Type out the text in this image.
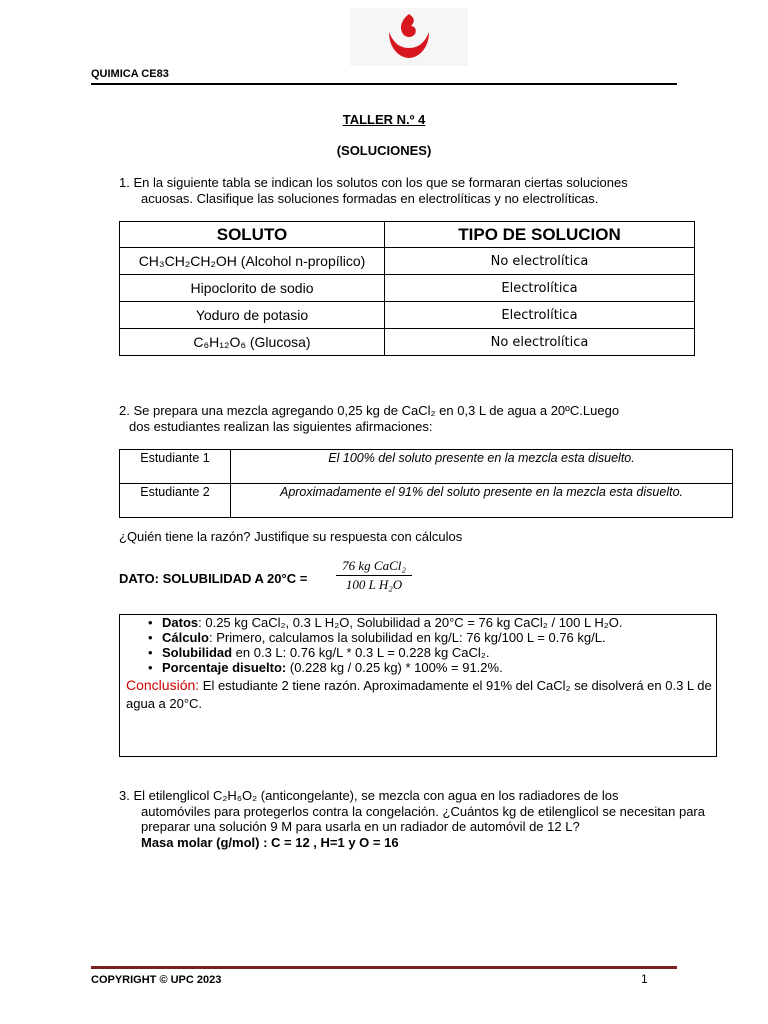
QUIMICA CE83
TALLER N.º 4
(SOLUCIONES)
1. En la siguiente tabla se indican los solutos con los que se formaran ciertas soluciones
acuosas. Clasifique las soluciones formadas en electrolíticas y no electrolíticas.
SOLUTO	TIPO DE SOLUCION
CH₃CH₂CH₂OH (Alcohol n-propílico)	No electrolítica
Hipoclorito de sodio	Electrolítica
Yoduro de potasio	Electrolítica
C₆H₁₂O₆ (Glucosa)	No electrolítica
2. Se prepara una mezcla agregando 0,25 kg de CaCl₂ en 0,3 L de agua a 20ºC.Luego
dos estudiantes realizan las siguientes afirmaciones:
Estudiante 1	El 100% del soluto presente en la mezcla esta disuelto.
Estudiante 2	Aproximadamente el 91% del soluto presente en la mezcla esta disuelto.
¿Quién tiene la razón? Justifique su respuesta con cálculos
DATO: SOLUBILIDAD A 20°C =
76 kg CaCl₂
100 L H₂O
• Datos: 0.25 kg CaCl₂, 0.3 L H₂O, Solubilidad a 20°C = 76 kg CaCl₂ / 100 L H₂O.
• Cálculo: Primero, calculamos la solubilidad en kg/L: 76 kg/100 L = 0.76 kg/L.
• Solubilidad en 0.3 L: 0.76 kg/L * 0.3 L = 0.228 kg CaCl₂.
• Porcentaje disuelto: (0.228 kg / 0.25 kg) * 100% = 91.2%.
Conclusión: El estudiante 2 tiene razón. Aproximadamente el 91% del CaCl₂ se disolverá en 0.3 L de agua a 20°C.
3. El etilenglicol C₂H₆O₂ (anticongelante), se mezcla con agua en los radiadores de los
automóviles para protegerlos contra la congelación. ¿Cuántos kg de etilenglicol se necesitan para preparar una solución 9 M para usarla en un radiador de automóvil de 12 L?
Masa molar (g/mol) : C = 12 , H=1 y O = 16
COPYRIGHT © UPC 2023	1
